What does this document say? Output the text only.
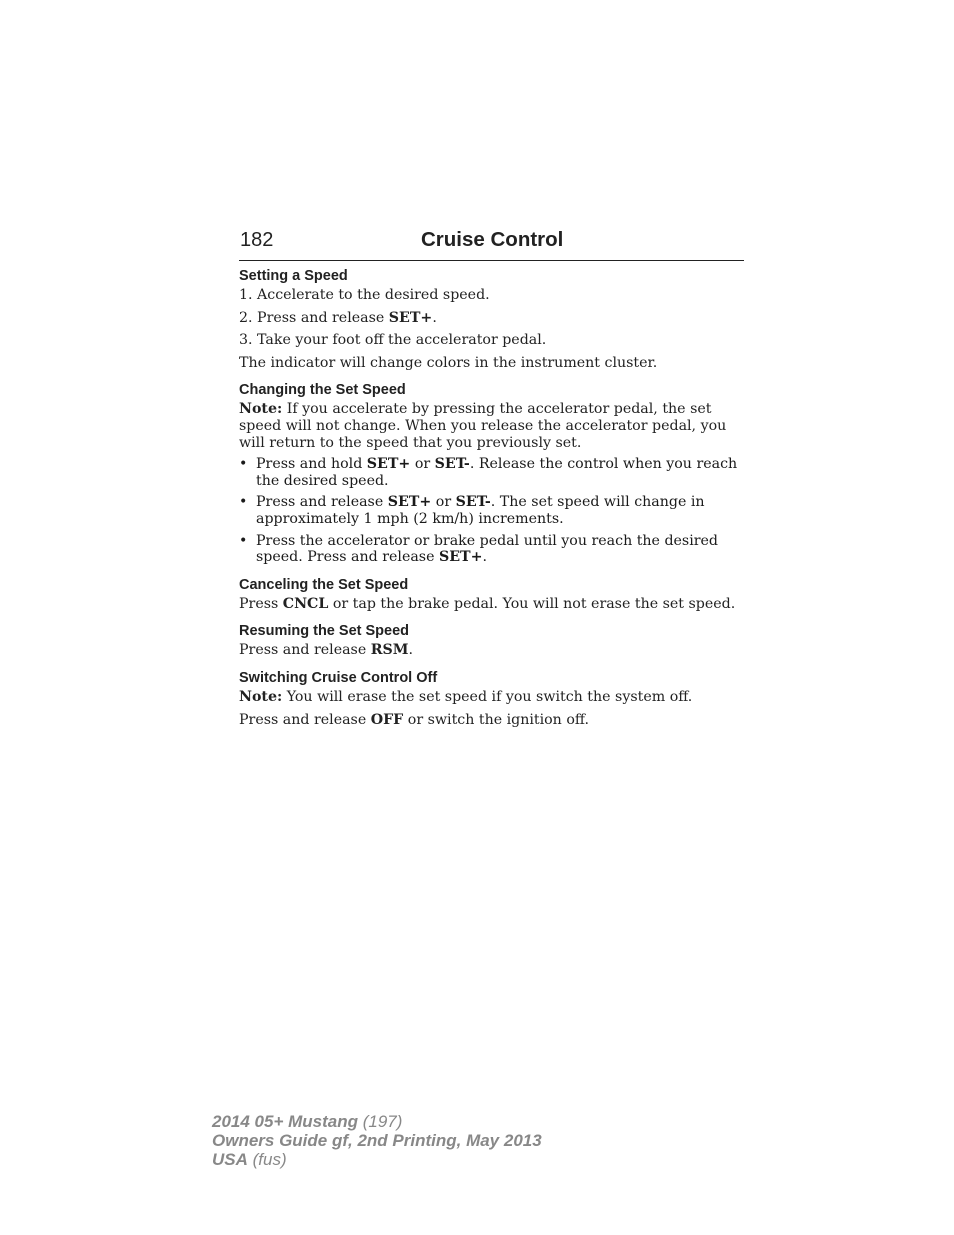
182	Cruise Control
Setting a Speed

1. Accelerate to the desired speed.

2. Press and release SET+.

3. Take your foot off the accelerator pedal.

The indicator will change colors in the instrument cluster.

Changing the Set Speed

Note: If you accelerate by pressing the accelerator pedal, the set speed will not change. When you release the accelerator pedal, you will return to the speed that you previously set.

• Press and hold SET+ or SET-. Release the control when you reach the desired speed.
• Press and release SET+ or SET-. The set speed will change in approximately 1 mph (2 km/h) increments.
• Press the accelerator or brake pedal until you reach the desired speed. Press and release SET+.
Canceling the Set Speed

Press CNCL or tap the brake pedal. You will not erase the set speed.

Resuming the Set Speed

Press and release RSM.

Switching Cruise Control Off

Note: You will erase the set speed if you switch the system off.

Press and release OFF or switch the ignition off.

2014 05+ Mustang (197)
Owners Guide gf, 2nd Printing, May 2013
USA (fus)
